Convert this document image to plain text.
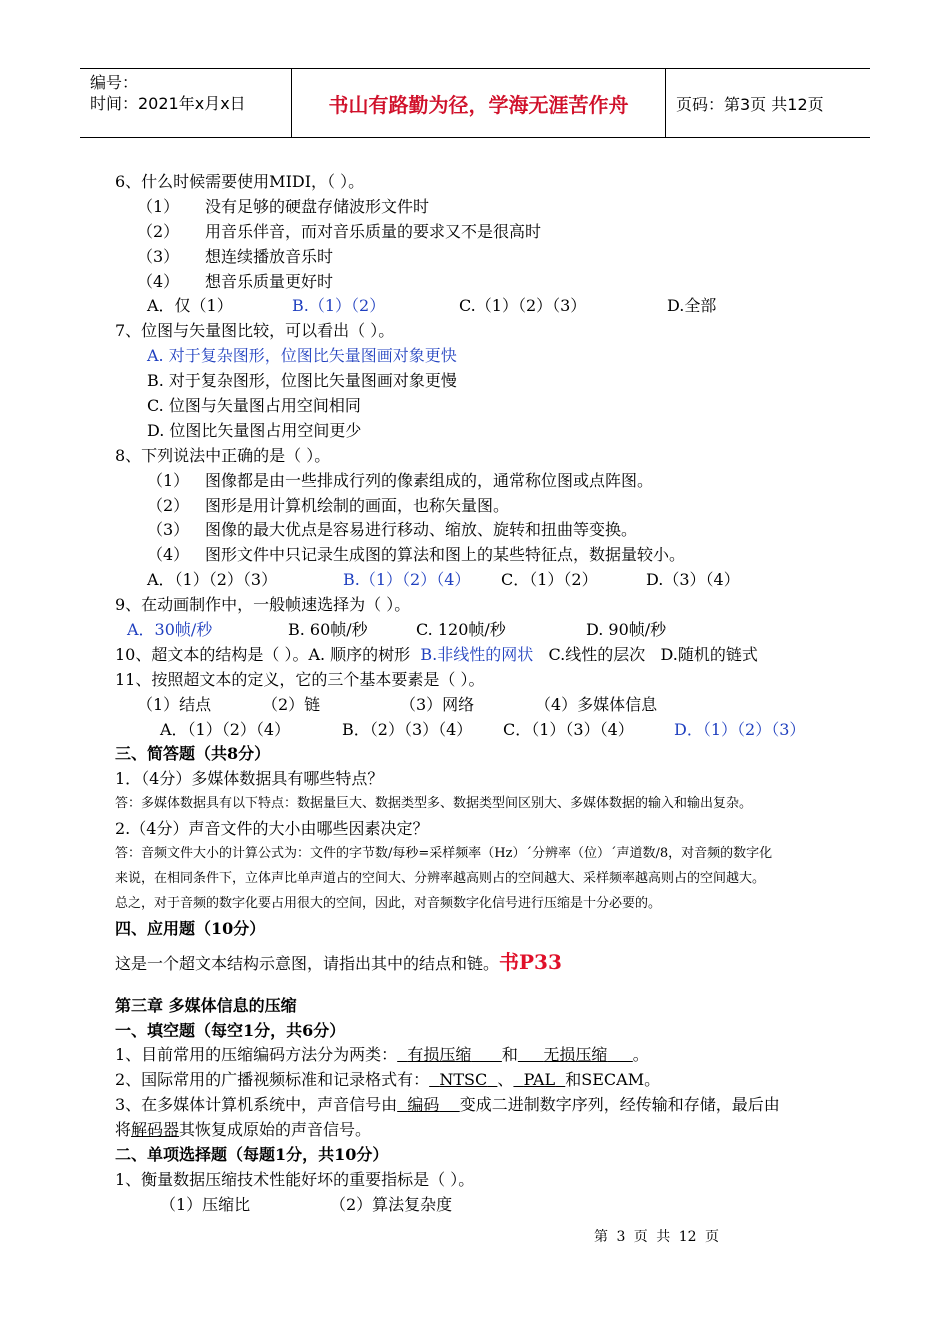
编号：
时间：2021年x月x日	书山有路勤为径，学海无涯苦作舟	页码：第3页 共12页
6、什么时候需要使用MIDI，（ ）。
（1） 没有足够的硬盘存储波形文件时
（2） 用音乐伴音，而对音乐质量的要求又不是很高时
（3） 想连续播放音乐时
（4） 想音乐质量更好时
A．仅（1）	B.（1）（2）	C.（1）（2）（3）	D.全部
7、位图与矢量图比较，可以看出（ ）。
A. 对于复杂图形，位图比矢量图画对象更快
B. 对于复杂图形，位图比矢量图画对象更慢
C. 位图与矢量图占用空间相同
D. 位图比矢量图占用空间更少
8、下列说法中正确的是（ ）。
（1） 图像都是由一些排成行列的像素组成的，通常称位图或点阵图。
（2） 图形是用计算机绘制的画面，也称矢量图。
（3） 图像的最大优点是容易进行移动、缩放、旋转和扭曲等变换。
（4） 图形文件中只记录生成图的算法和图上的某些特征点，数据量较小。
A．（1）（2）（3）	B.（1）（2）（4） C．（1）（2）	D.（3）（4）
9、在动画制作中，一般帧速选择为（ ）。
A．30帧/秒	B. 60帧/秒	C. 120帧/秒	D. 90帧/秒
10、超文本的结构是（ ）。A. 顺序的树形 B.非线性的网状 C.线性的层次 D.随机的链式
11、按照超文本的定义，它的三个基本要素是（ ）。
（1）结点	（2）链	（3）网络	（4）多媒体信息
A．（1）（2）（4）	B．（2）（3）（4） C．（1）（3）（4）	D．（1）（2）（3）
三、简答题（共8分）
1．（4分）多媒体数据具有哪些特点？
答：多媒体数据具有以下特点：数据量巨大、数据类型多、数据类型间区别大、多媒体数据的输入和输出复杂。
2.（4分）声音文件的大小由哪些因素决定？
答：音频文件大小的计算公式为：文件的字节数/每秒=采样频率（Hz）´分辨率（位）´声道数/8，对音频的数字化
来说，在相同条件下，立体声比单声道占的空间大、分辨率越高则占的空间越大、采样频率越高则占的空间越大。
总之，对于音频的数字化要占用很大的空间，因此，对音频数字化信号进行压缩是十分必要的。
四、应用题（10分）
这是一个超文本结构示意图，请指出其中的结点和链。书P33
第三章 多媒体信息的压缩
一、填空题（每空1分，共6分）
1、目前常用的压缩编码方法分为两类： 有损压缩 和 无损压缩 。
2、国际常用的广播视频标准和记录格式有： NTSC 、 PAL 和SECAM。
3、在多媒体计算机系统中，声音信号由 编码 变成二进制数字序列，经传输和存储，最后由
将解码器其恢复成原始的声音信号。
二、单项选择题（每题1分，共10分）
1、衡量数据压缩技术性能好坏的重要指标是（ ）。
（1）压缩比	（2）算法复杂度
第 3 页 共 12 页
